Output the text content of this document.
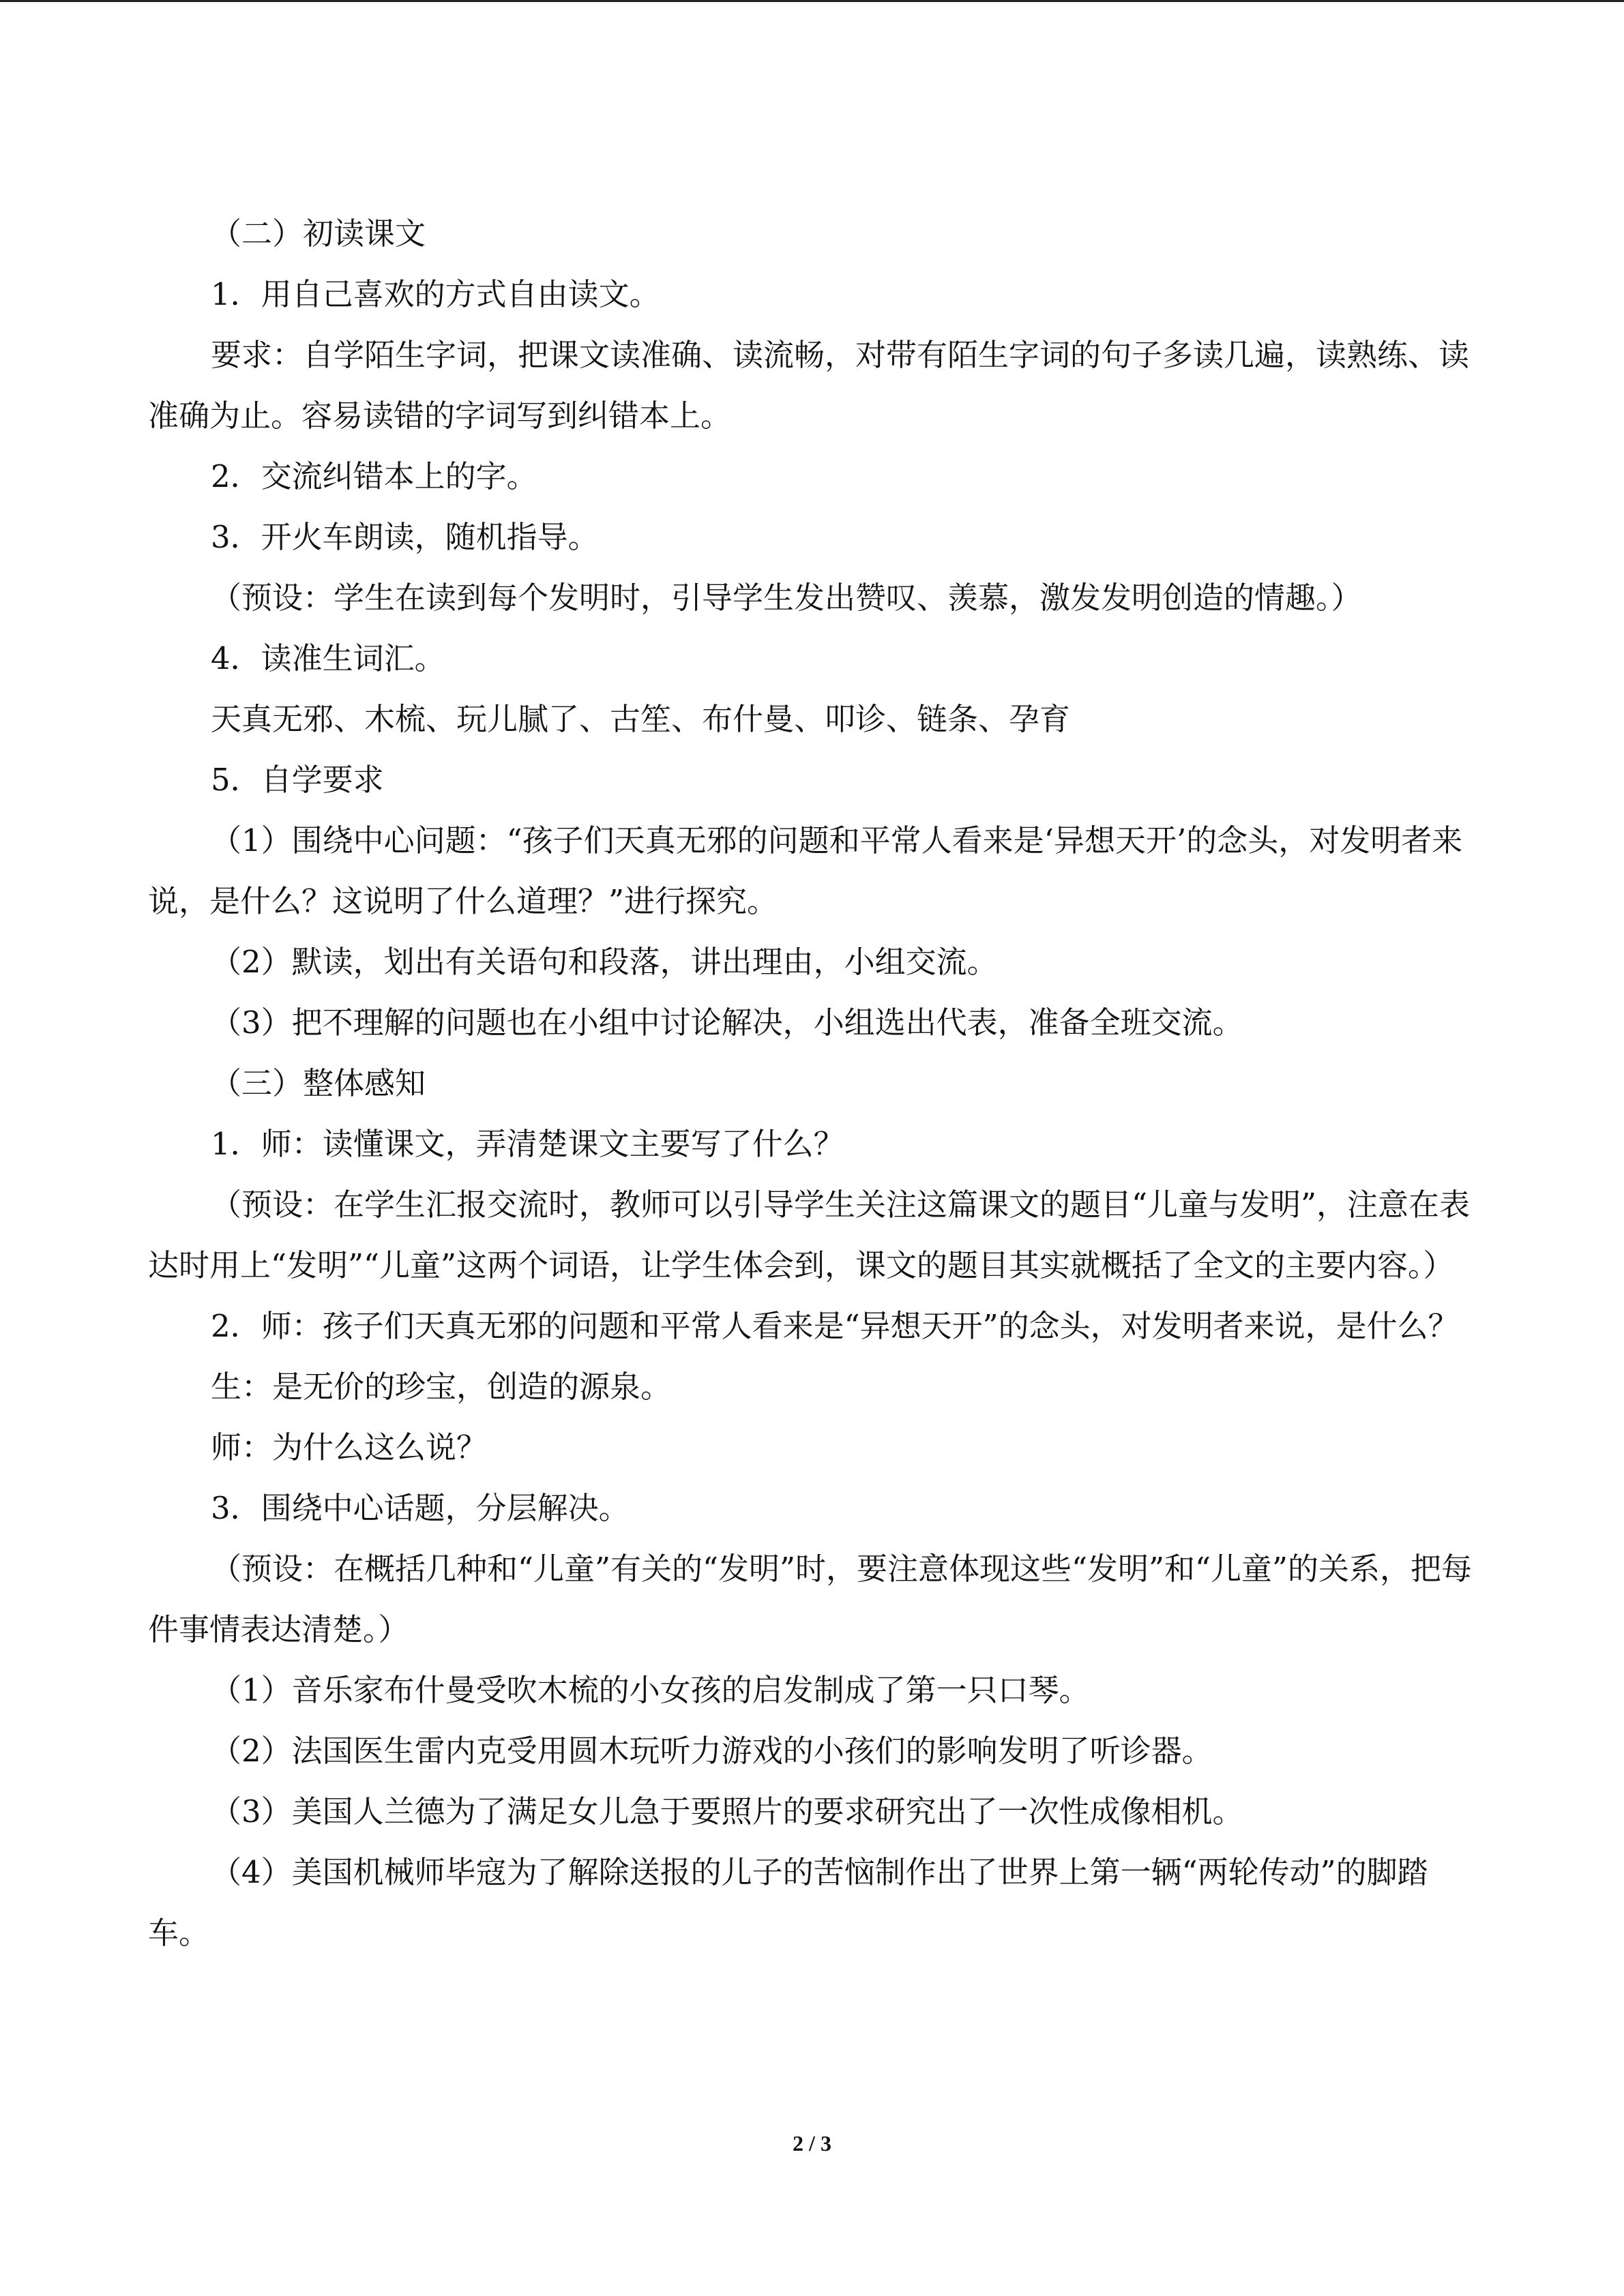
（二）初读课文

1．用自己喜欢的方式自由读文。

要求：自学陌生字词，把课文读准确、读流畅，对带有陌生字词的句子多读几遍，读熟练、读准确为止。容易读错的字词写到纠错本上。

2．交流纠错本上的字。

3．开火车朗读，随机指导。

（预设：学生在读到每个发明时，引导学生发出赞叹、羡慕，激发发明创造的情趣。）

4．读准生词汇。

天真无邪、木梳、玩儿腻了、古笙、布什曼、叩诊、链条、孕育

5．自学要求

（1）围绕中心问题：“孩子们天真无邪的问题和平常人看来是‘异想天开’的念头，对发明者来说，是什么？这说明了什么道理？”进行探究。

（2）默读，划出有关语句和段落，讲出理由，小组交流。

（3）把不理解的问题也在小组中讨论解决，小组选出代表，准备全班交流。

（三）整体感知

1．师：读懂课文，弄清楚课文主要写了什么？

（预设：在学生汇报交流时，教师可以引导学生关注这篇课文的题目“儿童与发明”，注意在表达时用上“发明”“儿童”这两个词语，让学生体会到，课文的题目其实就概括了全文的主要内容。）

2．师：孩子们天真无邪的问题和平常人看来是“异想天开”的念头，对发明者来说，是什么？

生：是无价的珍宝，创造的源泉。

师：为什么这么说？

3．围绕中心话题，分层解决。

（预设：在概括几种和“儿童”有关的“发明”时，要注意体现这些“发明”和“儿童”的关系，把每件事情表达清楚。）

（1）音乐家布什曼受吹木梳的小女孩的启发制成了第一只口琴。

（2）法国医生雷内克受用圆木玩听力游戏的小孩们的影响发明了听诊器。

（3）美国人兰德为了满足女儿急于要照片的要求研究出了一次性成像相机。

（4）美国机械师毕寇为了解除送报的儿子的苦恼制作出了世界上第一辆“两轮传动”的脚踏车。

2 / 3
